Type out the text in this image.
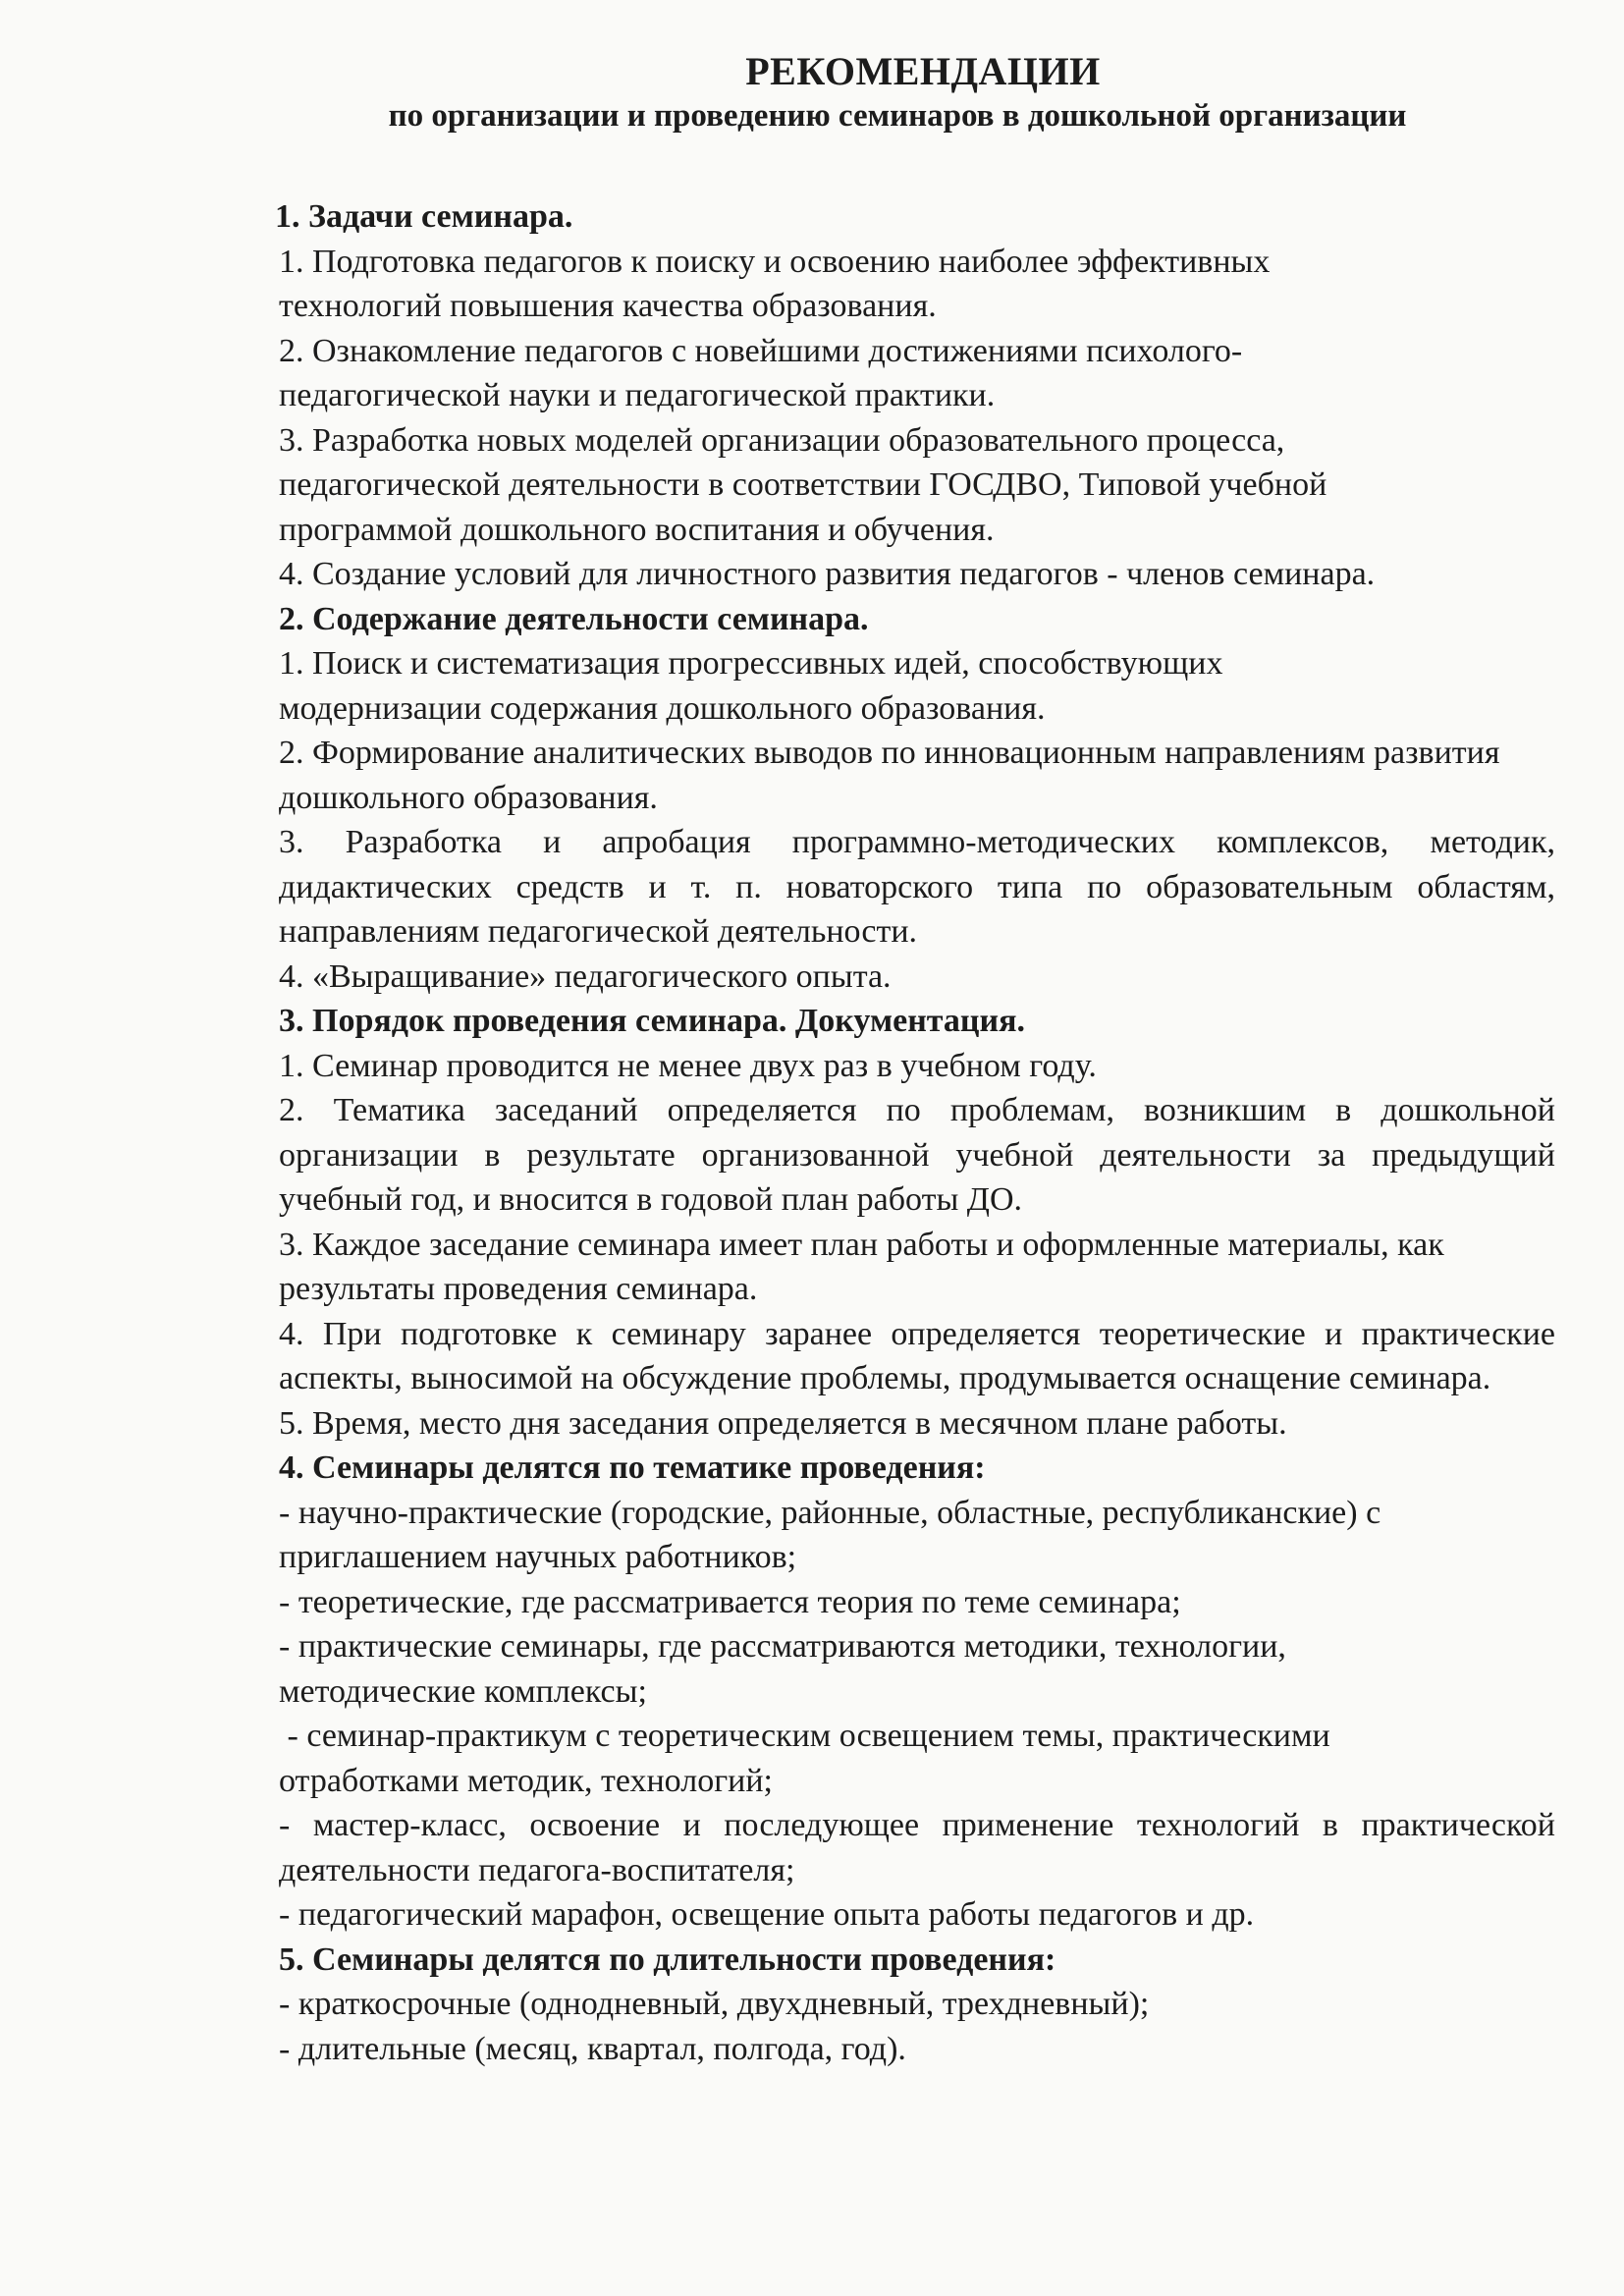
РЕКОМЕНДАЦИИ
по организации и проведению семинаров в дошкольной организации

1. Задачи семинара.

1. Подготовка педагогов к поиску и освоению наиболее эффективных технологий повышения качества образования.

2. Ознакомление педагогов с новейшими достижениями психолого-педагогической науки и педагогической практики.

3. Разработка новых моделей организации образовательного процесса, педагогической деятельности в соответствии ГОСДВО, Типовой учебной программой дошкольного воспитания и обучения.

4. Создание условий для личностного развития педагогов - членов семинара.

2. Содержание деятельности семинара.

1. Поиск и систематизация прогрессивных идей, способствующих модернизации содержания дошкольного образования.

2. Формирование аналитических выводов по инновационным направлениям развития дошкольного образования.

3. Разработка и апробация программно-методических комплексов, методик, дидактических средств и т. п. новаторского типа по образовательным областям, направлениям педагогической деятельности.

4. «Выращивание» педагогического опыта.

3. Порядок проведения семинара. Документация.

1. Семинар проводится не менее двух раз в учебном году.

2. Тематика заседаний определяется по проблемам, возникшим в дошкольной организации в результате организованной учебной деятельности за предыдущий учебный год, и вносится в годовой план работы ДО.

3. Каждое заседание семинара имеет план работы и оформленные материалы, как результаты проведения семинара.

4. При подготовке к семинару заранее определяется теоретические и практические аспекты, выносимой на обсуждение проблемы, продумывается оснащение семинара.

5. Время, место дня заседания определяется в месячном плане работы.

4. Семинары делятся по тематике проведения:

- научно-практические (городские, районные, областные, республиканские) с приглашением научных работников;

- теоретические, где рассматривается теория по теме семинара;

- практические семинары, где рассматриваются методики, технологии, методические комплексы;

- семинар-практикум с теоретическим освещением темы, практическими отработками методик, технологий;

- мастер-класс, освоение и последующее применение технологий в практической деятельности педагога-воспитателя;

- педагогический марафон, освещение опыта работы педагогов и др.

5. Семинары делятся по длительности проведения:

- краткосрочные (однодневный, двухдневный, трехдневный);

- длительные (месяц, квартал, полгода, год).
